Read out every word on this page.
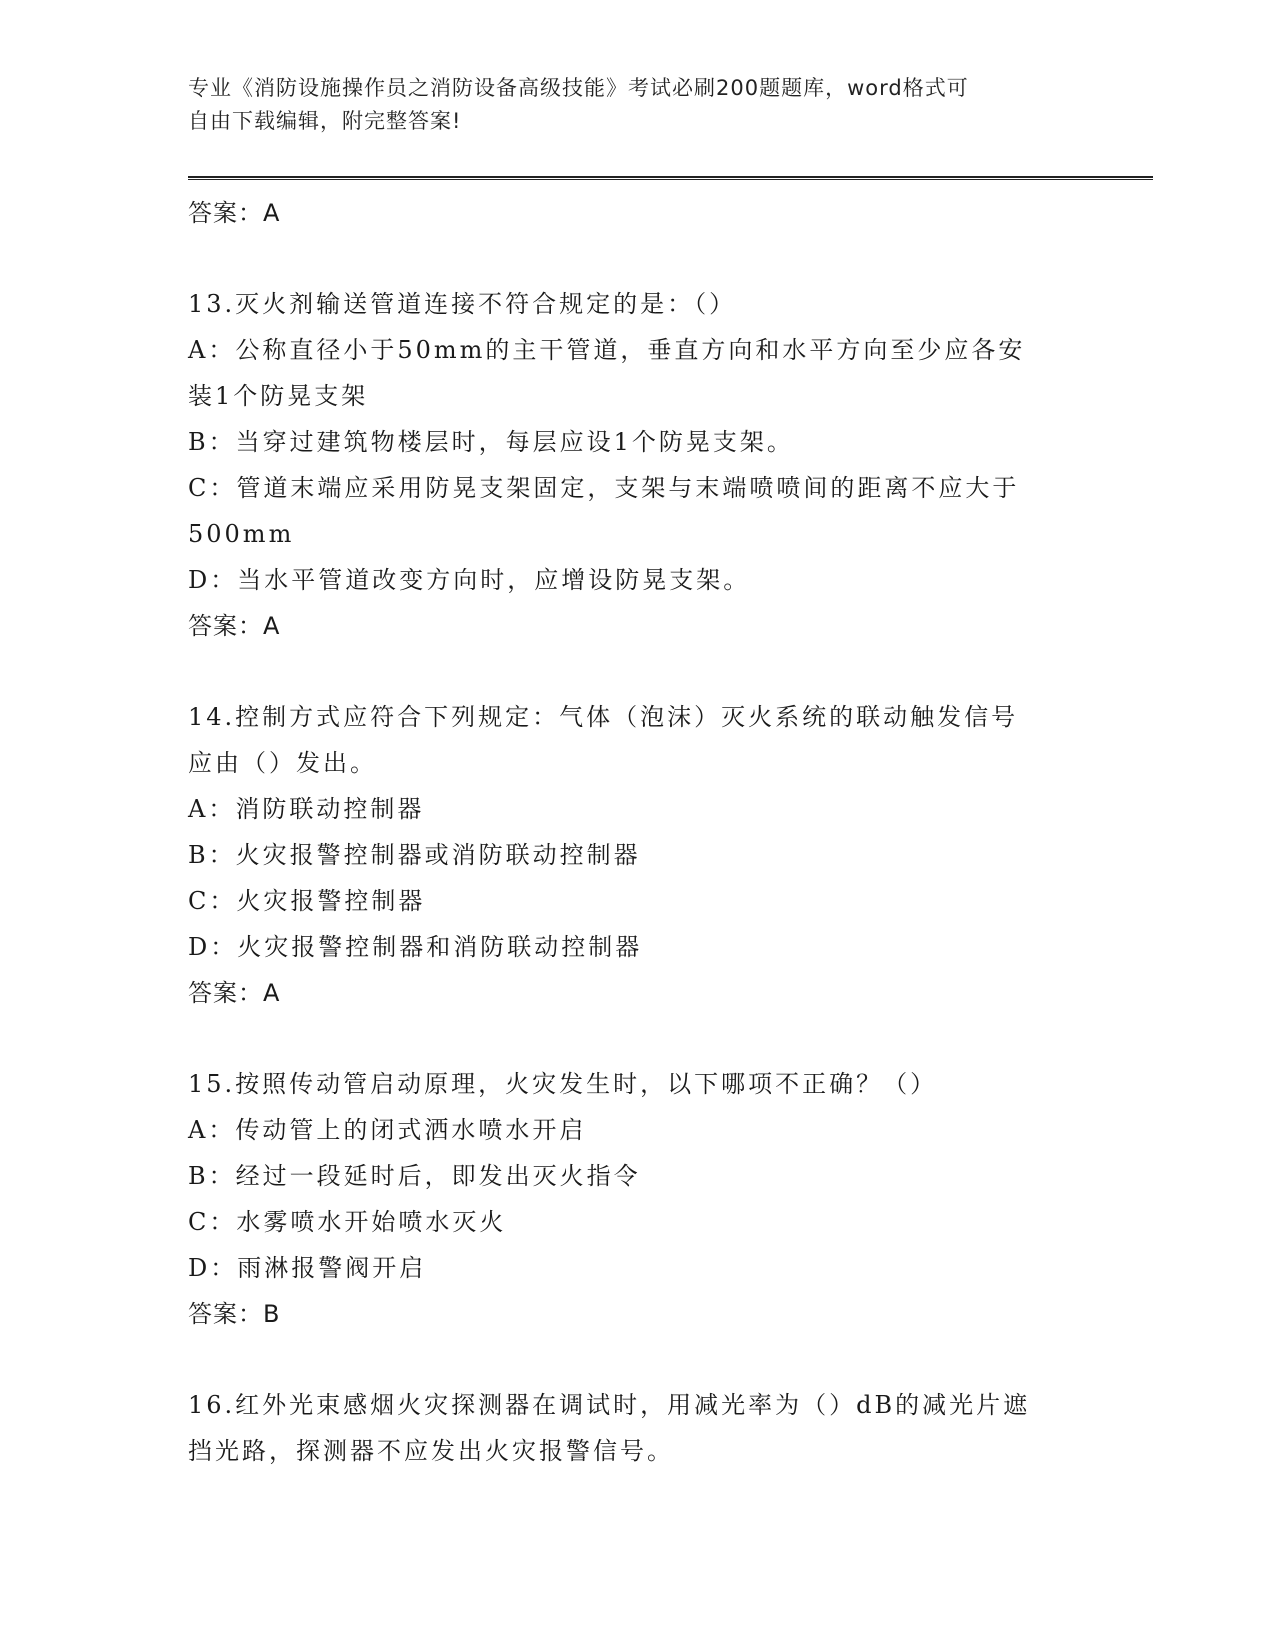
专业《消防设施操作员之消防设备高级技能》考试必刷200题题库，word格式可
自由下载编辑，附完整答案!
答案：A
13.灭火剂输送管道连接不符合规定的是：（）
A：公称直径小于50mm的主干管道，垂直方向和水平方向至少应各安
装1个防晃支架
B：当穿过建筑物楼层时，每层应设1个防晃支架。
C：管道末端应采用防晃支架固定，支架与末端喷喷间的距离不应大于
500mm
D：当水平管道改变方向时，应增设防晃支架。
答案：A
14.控制方式应符合下列规定：气体（泡沫）灭火系统的联动触发信号
应由（）发出。
A：消防联动控制器
B：火灾报警控制器或消防联动控制器
C：火灾报警控制器
D：火灾报警控制器和消防联动控制器
答案：A
15.按照传动管启动原理，火灾发生时，以下哪项不正确？（）
A：传动管上的闭式洒水喷水开启
B：经过一段延时后，即发出灭火指令
C：水雾喷水开始喷水灭火
D：雨淋报警阀开启
答案：B
16.红外光束感烟火灾探测器在调试时，用减光率为（）dB的减光片遮
挡光路，探测器不应发出火灾报警信号。
